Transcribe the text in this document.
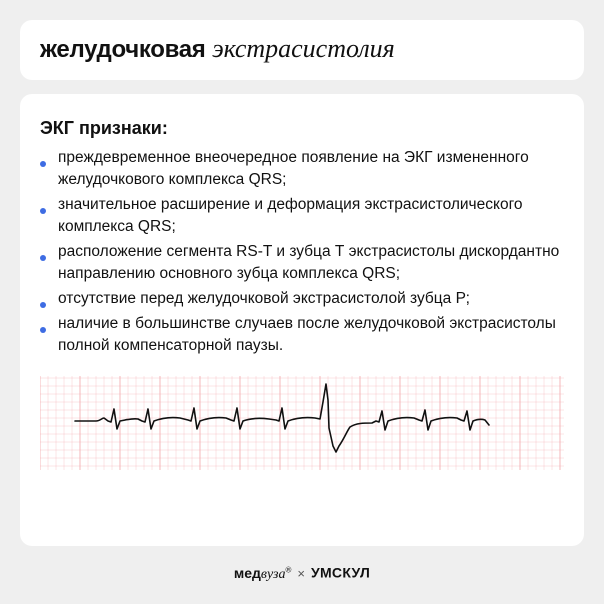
желудочковая экстрасистолия
ЭКГ признаки:
преждевременное внеочередное появление на ЭКГ измененного желудочкового комплекса QRS;
значительное расширение и деформация экстрасистолического комплекса QRS;
расположение сегмента RS-T и зубца Т экстрасистолы дискордантно направлению основного зубца комплекса QRS;
отсутствие перед желудочковой экстрасистолой зубца Р;
наличие в большинстве случаев после желудочковой экстрасистолы полной компенсаторной паузы.
медвуза® × УМСКУЛ
